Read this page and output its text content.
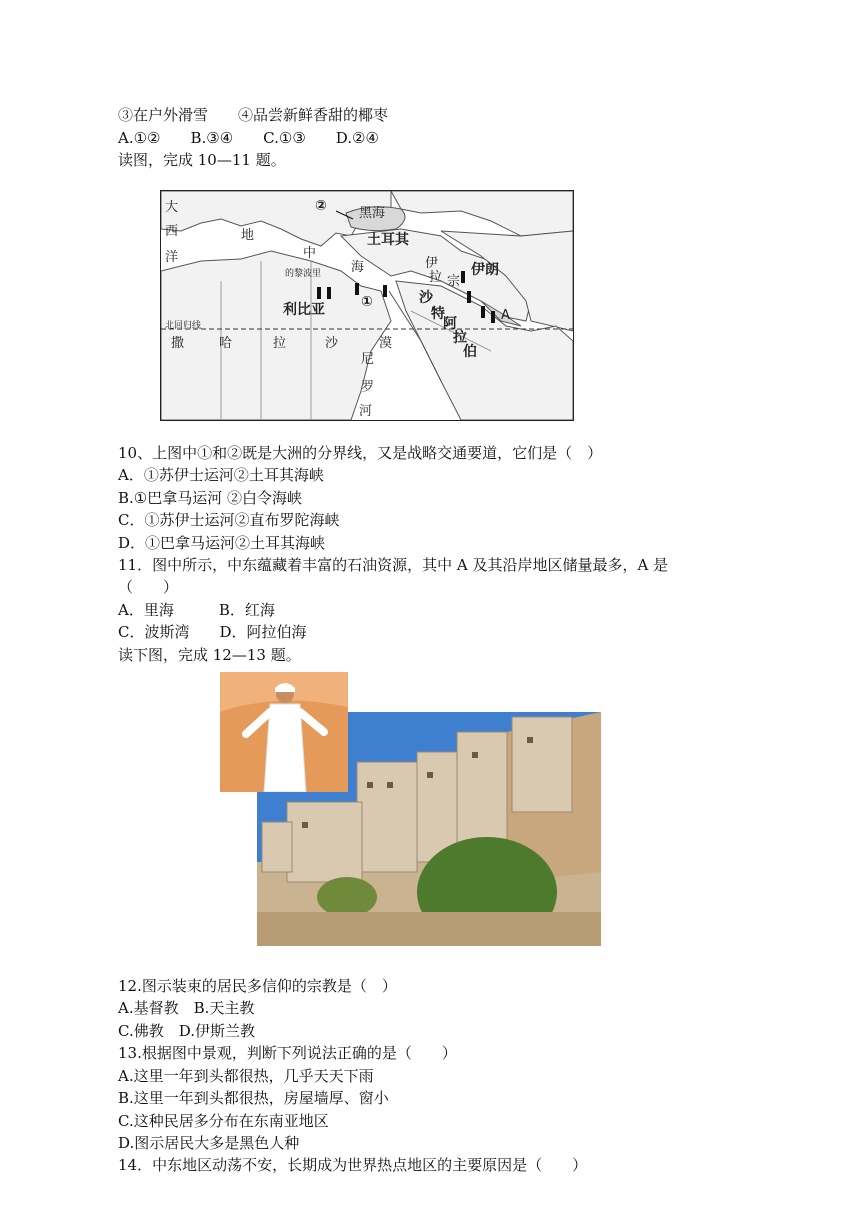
③在户外滑雪　　④品尝新鲜香甜的椰枣
A.①②　　B.③④　　C.①③　　D.②④
读图，完成 10—11 题。
大
西
洋
地
中
海
黑海
土耳其
伊朗
伊
拉 宗
的黎波里
利比亚
北回归线
撒	哈	拉	沙	漠
尼
罗
河
沙
特
阿
拉
伯
①
②
A
10、上图中①和②既是大洲的分界线，又是战略交通要道，它们是（　）
A．①苏伊士运河②土耳其海峡
B.①巴拿马运河 ②白令海峡
C．①苏伊士运河②直布罗陀海峡
D．①巴拿马运河②土耳其海峡
11．图中所示，中东蕴藏着丰富的石油资源，其中 A 及其沿岸地区储量最多，A 是
（　　）
A．里海　　　B．红海
C．波斯湾　　D．阿拉伯海
读下图，完成 12—13 题。
12.图示装束的居民多信仰的宗教是（　）
A.基督教　B.天主教
C.佛教　D.伊斯兰教
13.根据图中景观，判断下列说法正确的是（　　）
A.这里一年到头都很热，几乎天天下雨
B.这里一年到头都很热，房屋墙厚、窗小
C.这种民居多分布在东南亚地区
D.图示居民大多是黑色人种
14．中东地区动荡不安，长期成为世界热点地区的主要原因是（　　）
